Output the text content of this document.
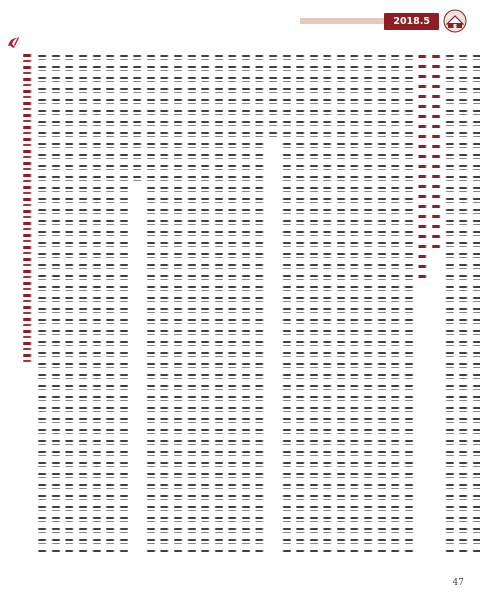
2018.5
47
